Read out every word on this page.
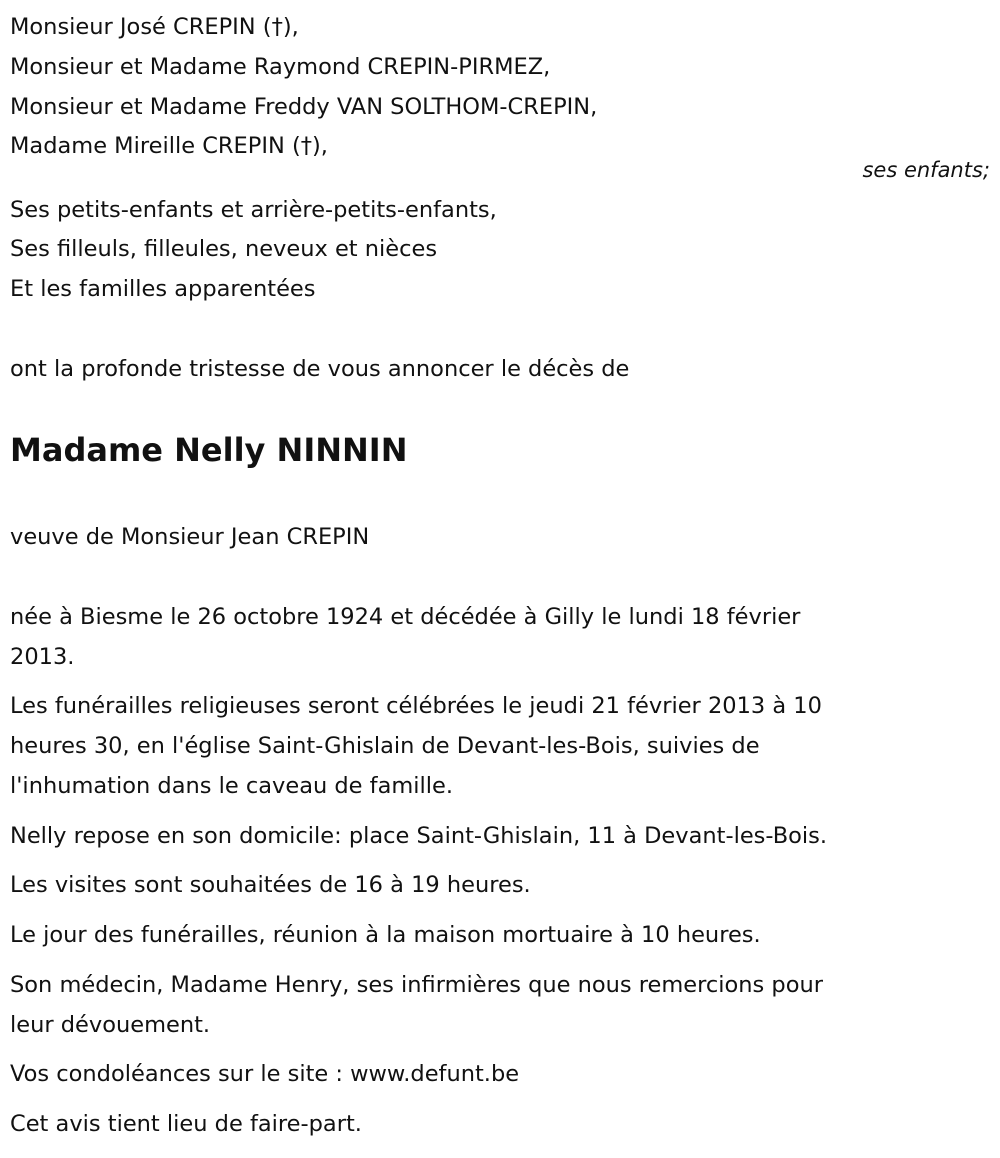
Monsieur José CREPIN (†),
Monsieur et Madame Raymond CREPIN-PIRMEZ,
Monsieur et Madame Freddy VAN SOLTHOM-CREPIN,
Madame Mireille CREPIN (†),
ses enfants;
Ses petits-enfants et arrière-petits-enfants,
Ses filleuls, filleules, neveux et nièces
Et les familles apparentées
ont la profonde tristesse de vous annoncer le décès de
Madame Nelly NINNIN
veuve de Monsieur Jean CREPIN
née à Biesme le 26 octobre 1924 et décédée à Gilly le lundi 18 février
2013.
Les funérailles religieuses seront célébrées le jeudi 21 février 2013 à 10
heures 30, en l'église Saint-Ghislain de Devant-les-Bois, suivies de
l'inhumation dans le caveau de famille.
Nelly repose en son domicile: place Saint-Ghislain, 11 à Devant-les-Bois.
Les visites sont souhaitées de 16 à 19 heures.
Le jour des funérailles, réunion à la maison mortuaire à 10 heures.
Son médecin, Madame Henry, ses infirmières que nous remercions pour
leur dévouement.
Vos condoléances sur le site : www.defunt.be
Cet avis tient lieu de faire-part.
